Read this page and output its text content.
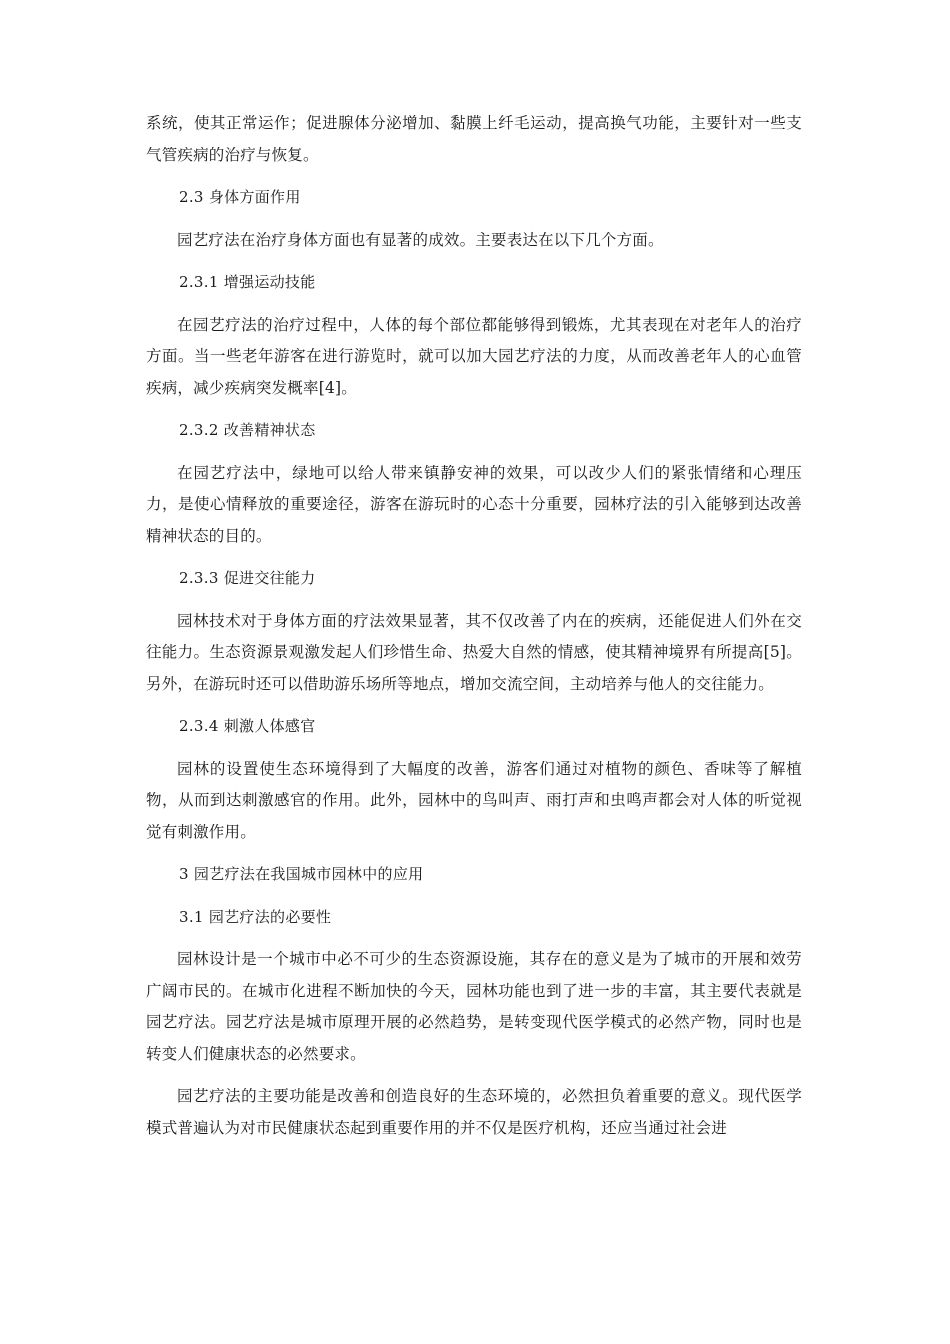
系统，使其正常运作；促进腺体分泌增加、黏膜上纤毛运动，提高换气功能，主要针对一些支气管疾病的治疗与恢复。

2.3 身体方面作用

园艺疗法在治疗身体方面也有显著的成效。主要表达在以下几个方面。

2.3.1 增强运动技能

在园艺疗法的治疗过程中，人体的每个部位都能够得到锻炼，尤其表现在对老年人的治疗方面。当一些老年游客在进行游览时，就可以加大园艺疗法的力度，从而改善老年人的心血管疾病，减少疾病突发概率[4]。

2.3.2 改善精神状态

在园艺疗法中，绿地可以给人带来镇静安神的效果，可以改少人们的紧张情绪和心理压力，是使心情释放的重要途径，游客在游玩时的心态十分重要，园林疗法的引入能够到达改善精神状态的目的。

2.3.3 促进交往能力

园林技术对于身体方面的疗法效果显著，其不仅改善了内在的疾病，还能促进人们外在交往能力。生态资源景观激发起人们珍惜生命、热爱大自然的情感，使其精神境界有所提高[5]。另外，在游玩时还可以借助游乐场所等地点，增加交流空间，主动培养与他人的交往能力。

2.3.4 刺激人体感官

园林的设置使生态环境得到了大幅度的改善，游客们通过对植物的颜色、香味等了解植物，从而到达刺激感官的作用。此外，园林中的鸟叫声、雨打声和虫鸣声都会对人体的听觉视觉有刺激作用。

3 园艺疗法在我国城市园林中的应用

3.1 园艺疗法的必要性

园林设计是一个城市中必不可少的生态资源设施，其存在的意义是为了城市的开展和效劳广阔市民的。在城市化进程不断加快的今天，园林功能也到了进一步的丰富，其主要代表就是园艺疗法。园艺疗法是城市原理开展的必然趋势，是转变现代医学模式的必然产物，同时也是转变人们健康状态的必然要求。

园艺疗法的主要功能是改善和创造良好的生态环境的，必然担负着重要的意义。现代医学模式普遍认为对市民健康状态起到重要作用的并不仅是医疗机构，还应当通过社会进
